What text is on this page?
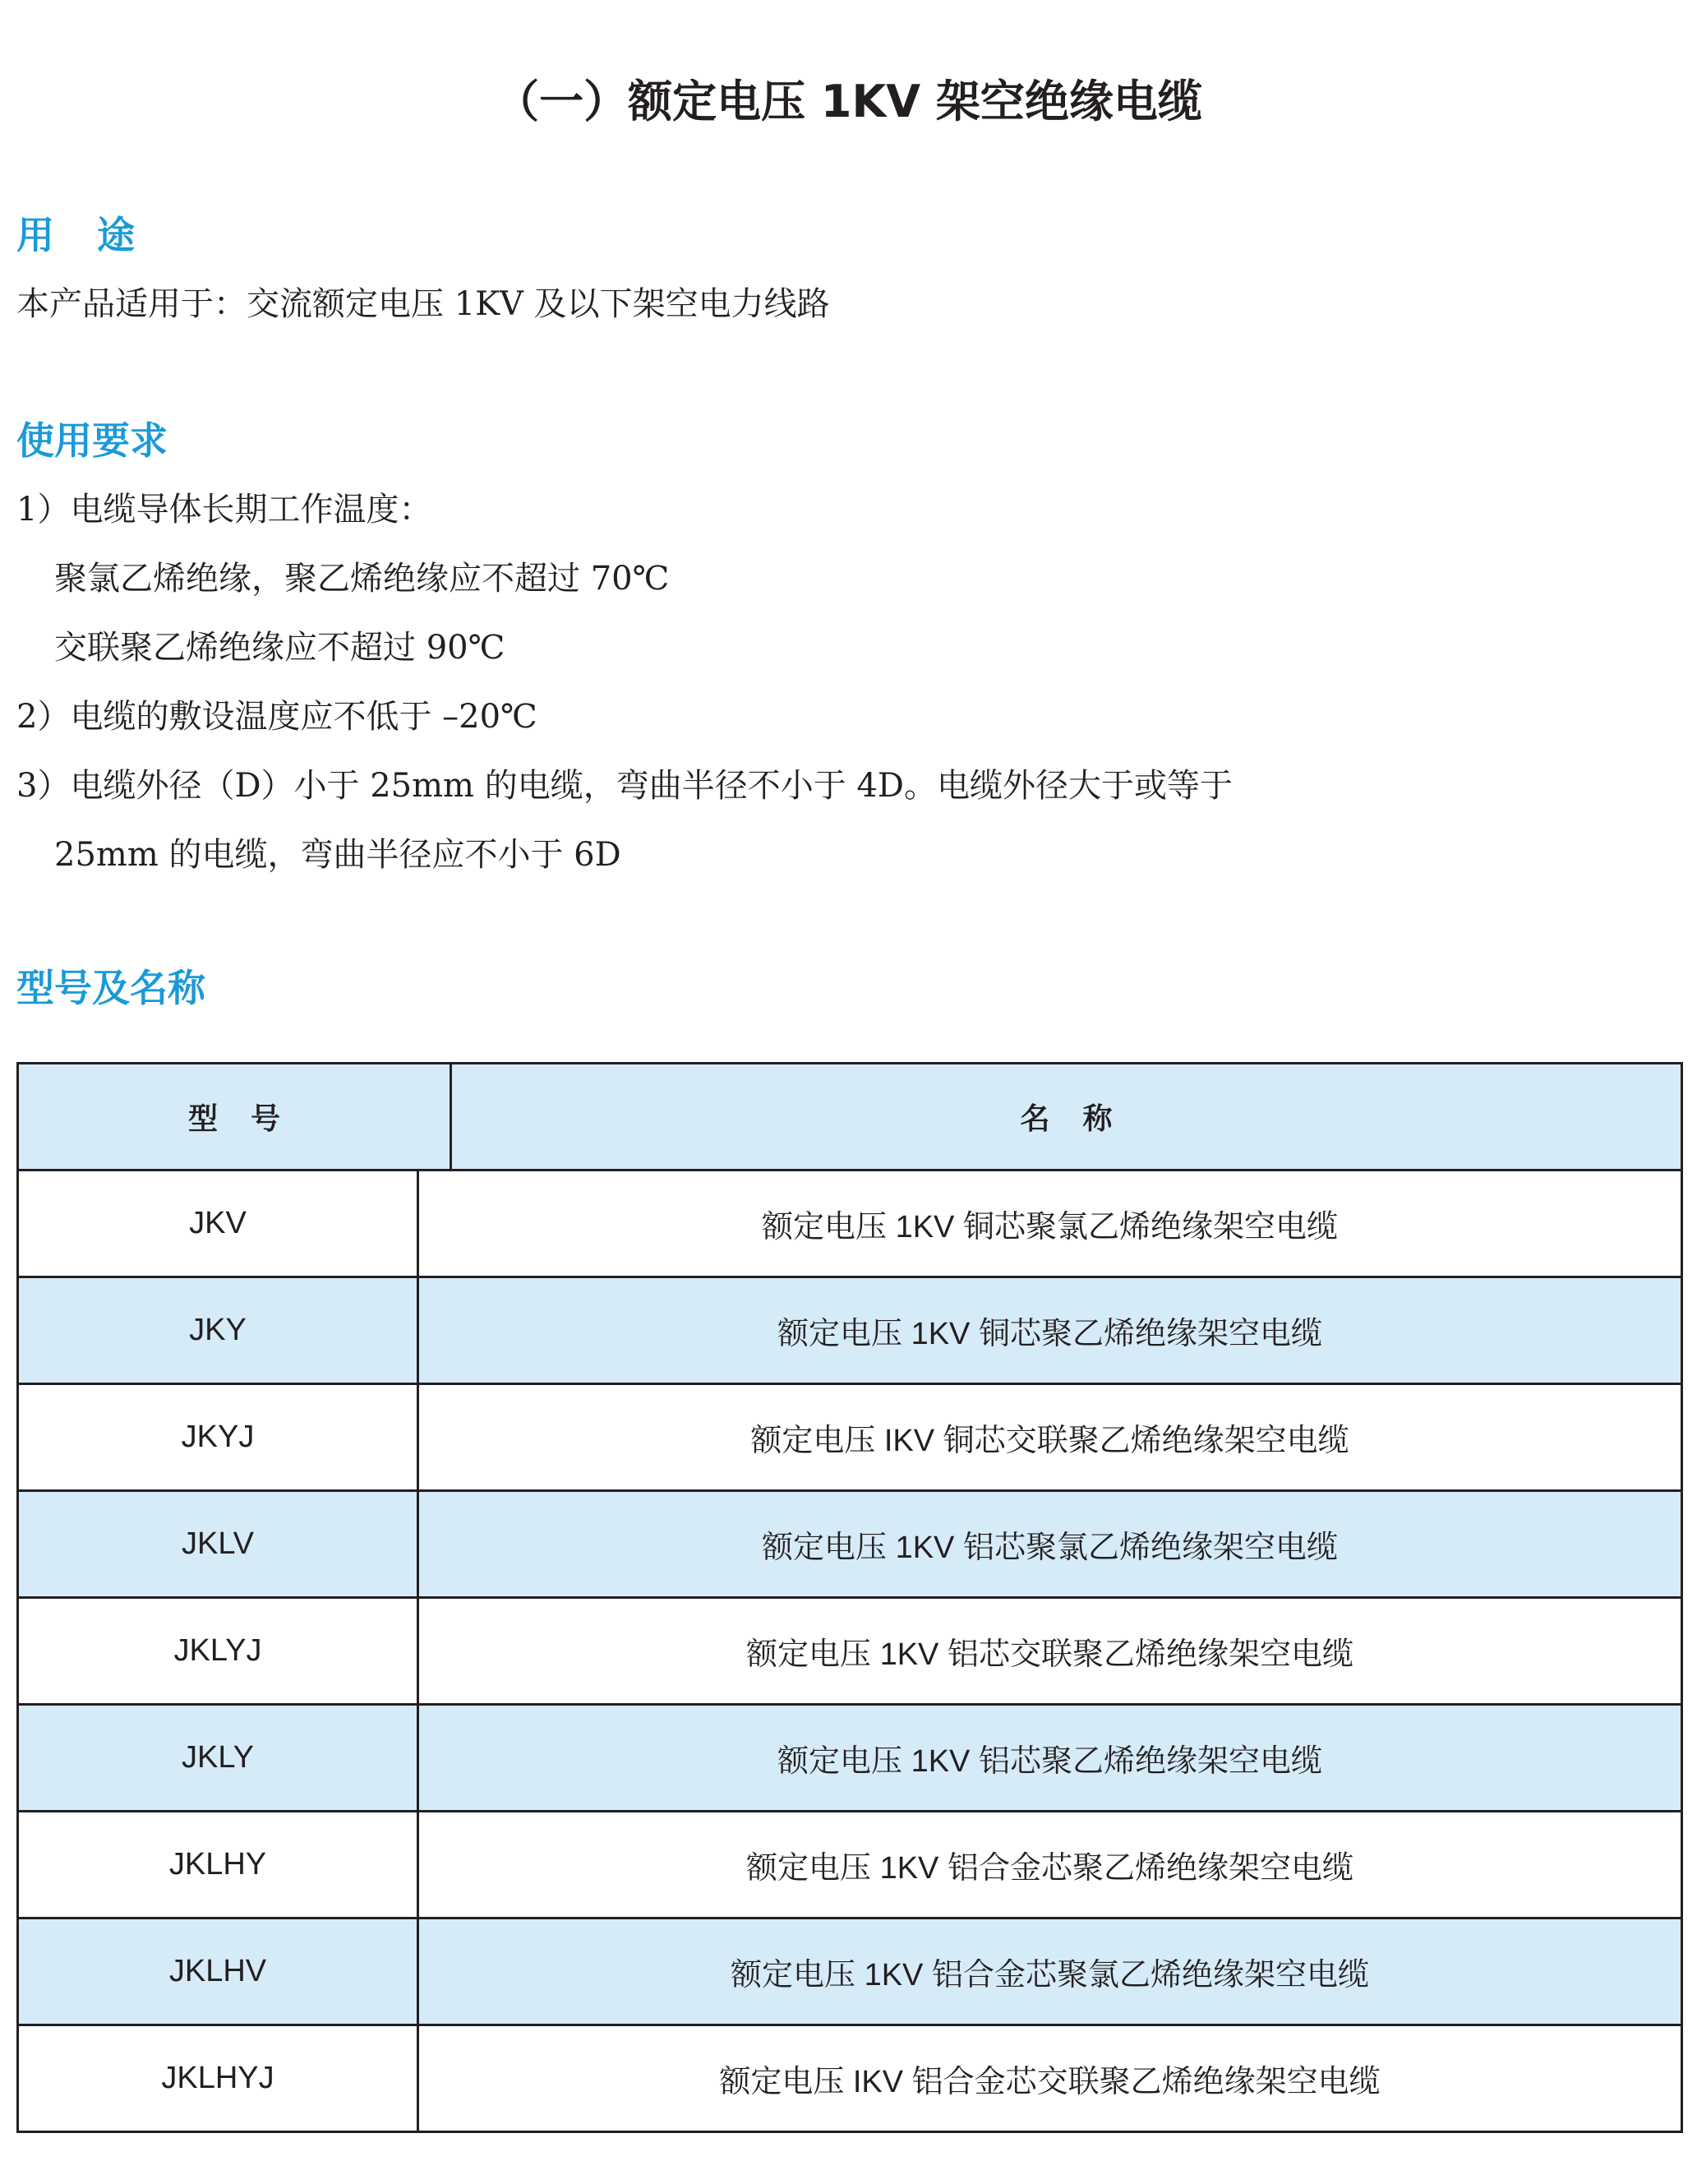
（一）额定电压 1KV 架空绝缘电缆
用途
本产品适用于：交流额定电压 1KV 及以下架空电力线路
使用要求
1）电缆导体长期工作温度：
聚氯乙烯绝缘，聚乙烯绝缘应不超过 70℃
交联聚乙烯绝缘应不超过 90℃
2）电缆的敷设温度应不低于 –20℃
3）电缆外径（D）小于 25mm 的电缆，弯曲半径不小于 4D。电缆外径大于或等于
25mm 的电缆，弯曲半径应不小于 6D
型号及名称
型号	名称
JKV	额定电压 1KV 铜芯聚氯乙烯绝缘架空电缆
JKY	额定电压 1KV 铜芯聚乙烯绝缘架空电缆
JKYJ	额定电压 IKV 铜芯交联聚乙烯绝缘架空电缆
JKLV	额定电压 1KV 铝芯聚氯乙烯绝缘架空电缆
JKLYJ	额定电压 1KV 铝芯交联聚乙烯绝缘架空电缆
JKLY	额定电压 1KV 铝芯聚乙烯绝缘架空电缆
JKLHY	额定电压 1KV 铝合金芯聚乙烯绝缘架空电缆
JKLHV	额定电压 1KV 铝合金芯聚氯乙烯绝缘架空电缆
JKLHYJ	额定电压 IKV 铝合金芯交联聚乙烯绝缘架空电缆
